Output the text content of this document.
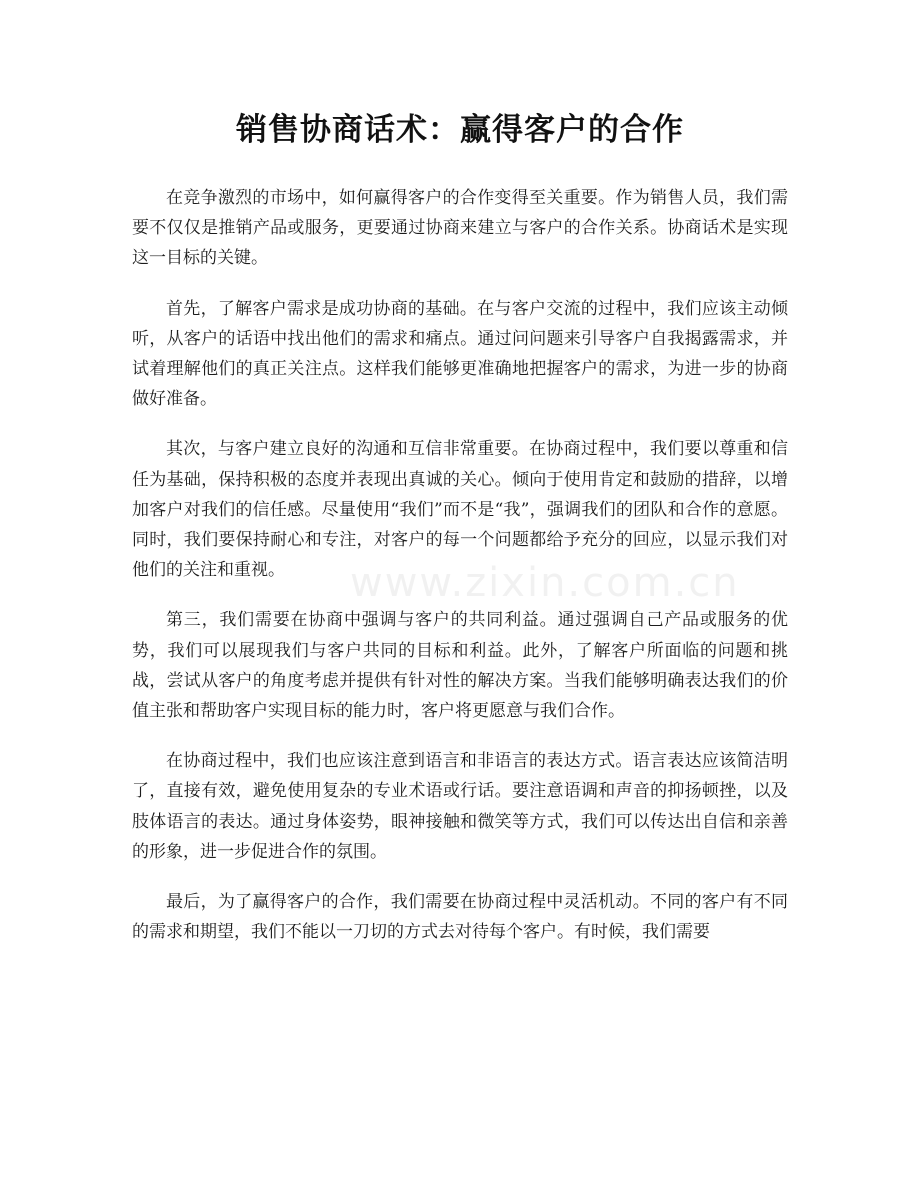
销售协商话术：赢得客户的合作

在竞争激烈的市场中，如何赢得客户的合作变得至关重要。作为销售人员，我们需要不仅仅是推销产品或服务，更要通过协商来建立与客户的合作关系。协商话术是实现这一目标的关键。

首先，了解客户需求是成功协商的基础。在与客户交流的过程中，我们应该主动倾听，从客户的话语中找出他们的需求和痛点。通过问问题来引导客户自我揭露需求，并试着理解他们的真正关注点。这样我们能够更准确地把握客户的需求，为进一步的协商做好准备。

其次，与客户建立良好的沟通和互信非常重要。在协商过程中，我们要以尊重和信任为基础，保持积极的态度并表现出真诚的关心。倾向于使用肯定和鼓励的措辞，以增加客户对我们的信任感。尽量使用“我们”而不是“我”，强调我们的团队和合作的意愿。同时，我们要保持耐心和专注，对客户的每一个问题都给予充分的回应，以显示我们对他们的关注和重视。

第三，我们需要在协商中强调与客户的共同利益。通过强调自己产品或服务的优势，我们可以展现我们与客户共同的目标和利益。此外，了解客户所面临的问题和挑战，尝试从客户的角度考虑并提供有针对性的解决方案。当我们能够明确表达我们的价值主张和帮助客户实现目标的能力时，客户将更愿意与我们合作。

在协商过程中，我们也应该注意到语言和非语言的表达方式。语言表达应该简洁明了，直接有效，避免使用复杂的专业术语或行话。要注意语调和声音的抑扬顿挫，以及肢体语言的表达。通过身体姿势，眼神接触和微笑等方式，我们可以传达出自信和亲善的形象，进一步促进合作的氛围。

最后，为了赢得客户的合作，我们需要在协商过程中灵活机动。不同的客户有不同的需求和期望，我们不能以一刀切的方式去对待每个客户。有时候，我们需要

www.zixin.com.cn
